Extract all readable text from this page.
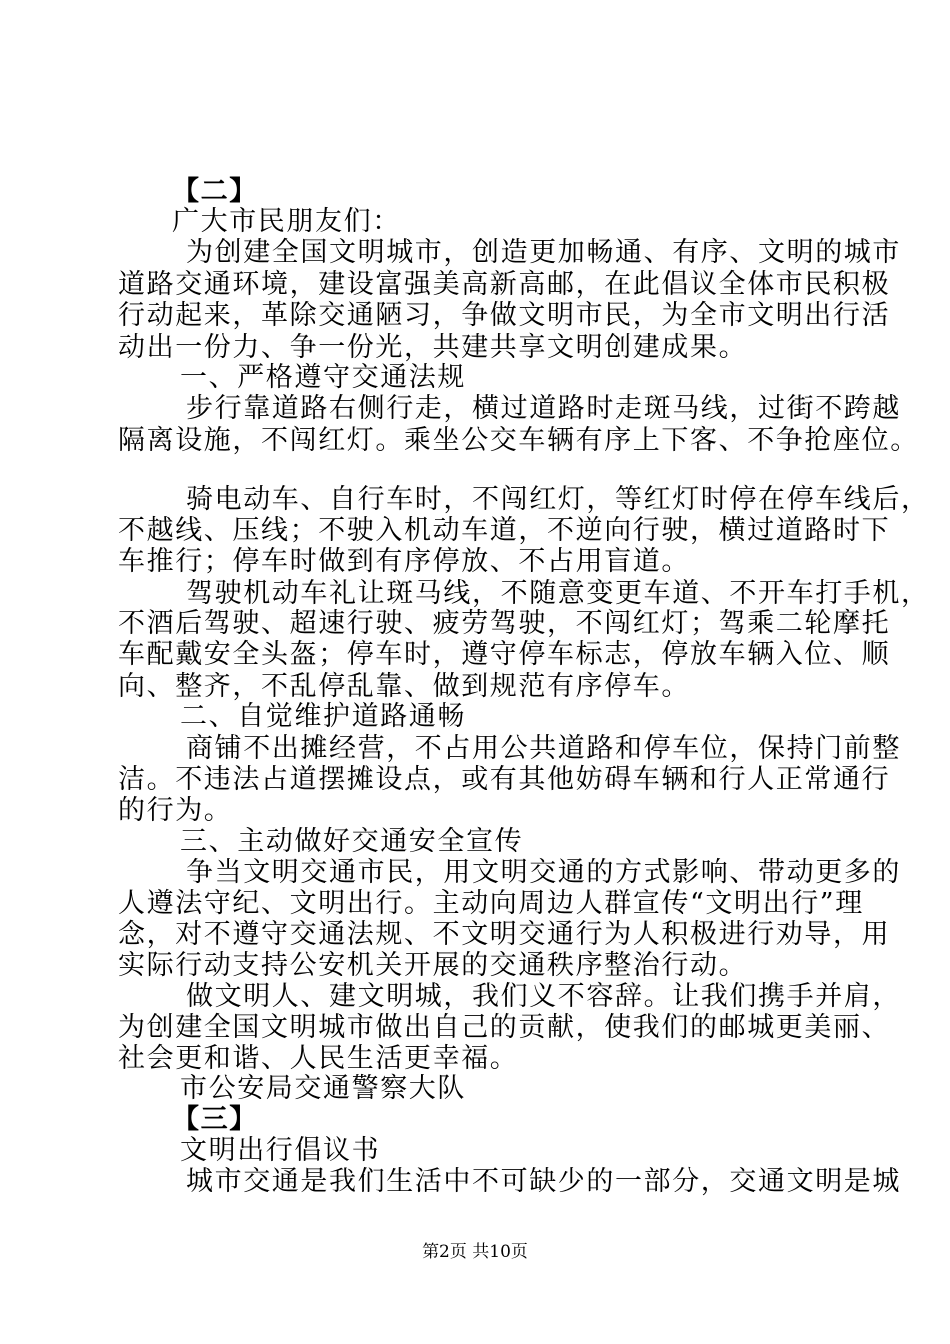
【二】
广大市民朋友们：
为创建全国文明城市，创造更加畅通、有序、文明的城市
道路交通环境，建设富强美高新高邮，在此倡议全体市民积极
行动起来，革除交通陋习，争做文明市民，为全市文明出行活
动出一份力、争一份光，共建共享文明创建成果。
一、严格遵守交通法规
步行靠道路右侧行走，横过道路时走斑马线，过街不跨越
隔离设施，不闯红灯。乘坐公交车辆有序上下客、不争抢座位。
骑电动车、自行车时，不闯红灯，等红灯时停在停车线后，
不越线、压线；不驶入机动车道，不逆向行驶，横过道路时下
车推行；停车时做到有序停放、不占用盲道。
驾驶机动车礼让斑马线，不随意变更车道、不开车打手机，
不酒后驾驶、超速行驶、疲劳驾驶，不闯红灯；驾乘二轮摩托
车配戴安全头盔；停车时，遵守停车标志，停放车辆入位、顺
向、整齐，不乱停乱靠、做到规范有序停车。
二、自觉维护道路通畅
商铺不出摊经营，不占用公共道路和停车位，保持门前整
洁。不违法占道摆摊设点，或有其他妨碍车辆和行人正常通行
的行为。
三、主动做好交通安全宣传
争当文明交通市民，用文明交通的方式影响、带动更多的
人遵法守纪、文明出行。主动向周边人群宣传“文明出行”理
念，对不遵守交通法规、不文明交通行为人积极进行劝导，用
实际行动支持公安机关开展的交通秩序整治行动。
做文明人、建文明城，我们义不容辞。让我们携手并肩，
为创建全国文明城市做出自己的贡献，使我们的邮城更美丽、
社会更和谐、人民生活更幸福。
市公安局交通警察大队
【三】
文明出行倡议书
城市交通是我们生活中不可缺少的一部分，交通文明是城
第2页 共10页
